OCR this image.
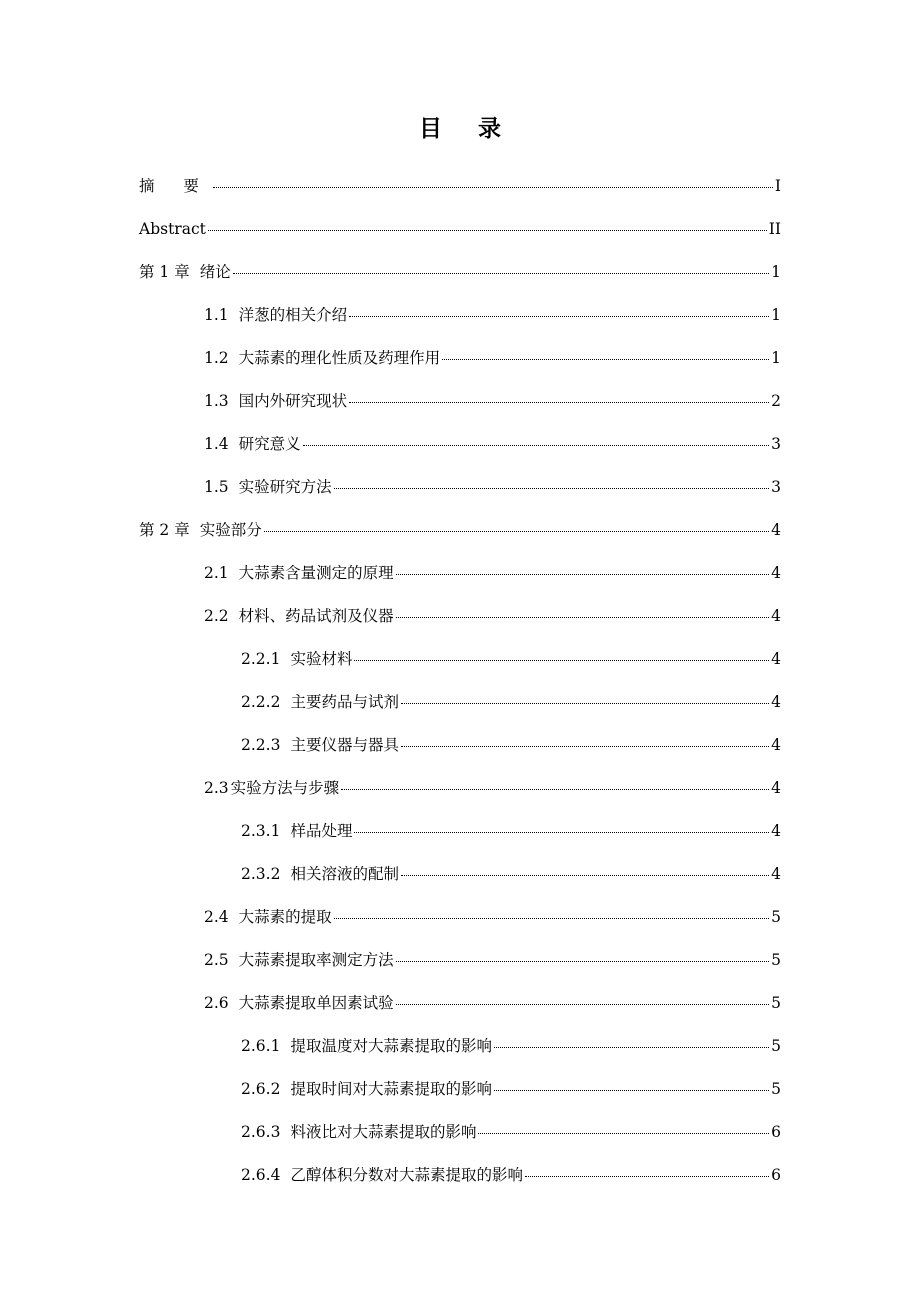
目 录
摘 要	I
Abstract	II
第 1 章 绪论	1
1.1 洋葱的相关介绍	1
1.2 大蒜素的理化性质及药理作用	1
1.3 国内外研究现状	2
1.4 研究意义	3
1.5 实验研究方法	3
第 2 章 实验部分	4
2.1 大蒜素含量测定的原理	4
2.2 材料、药品试剂及仪器	4
2.2.1 实验材料	4
2.2.2 主要药品与试剂	4
2.2.3 主要仪器与器具	4
2.3 实验方法与步骤	4
2.3.1 样品处理	4
2.3.2 相关溶液的配制	4
2.4 大蒜素的提取	5
2.5 大蒜素提取率测定方法	5
2.6 大蒜素提取单因素试验	5
2.6.1 提取温度对大蒜素提取的影响	5
2.6.2 提取时间对大蒜素提取的影响	5
2.6.3 料液比对大蒜素提取的影响	6
2.6.4 乙醇体积分数对大蒜素提取的影响	6
